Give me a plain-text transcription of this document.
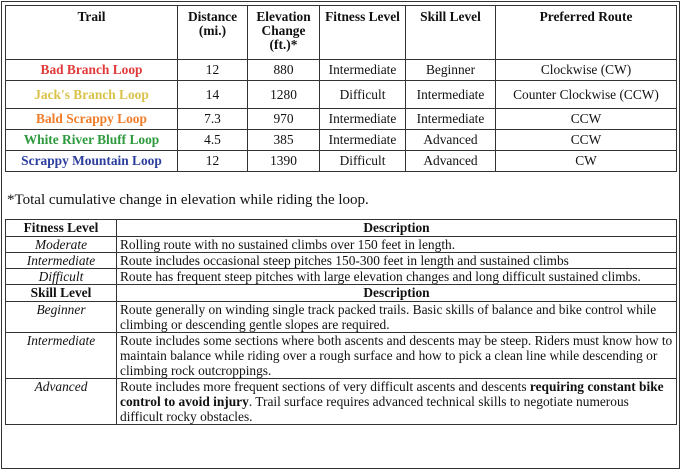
Trail	Distance (mi.)	Elevation Change (ft.)*	Fitness Level	Skill Level	Preferred Route
Bad Branch Loop	12	880	Intermediate	Beginner	Clockwise (CW)
Jack's Branch Loop	14	1280	Difficult	Intermediate	Counter Clockwise (CCW)
Bald Scrappy Loop	7.3	970	Intermediate	Intermediate	CCW
White River Bluff Loop	4.5	385	Intermediate	Advanced	CCW
Scrappy Mountain Loop	12	1390	Difficult	Advanced	CW
*Total cumulative change in elevation while riding the loop.
Fitness Level	Description
Moderate	Rolling route with no sustained climbs over 150 feet in length.
Intermediate	Route includes occasional steep pitches 150-300 feet in length and sustained climbs
Difficult	Route has frequent steep pitches with large elevation changes and long difficult sustained climbs.
Skill Level	Description
Beginner	Route generally on winding single track packed trails. Basic skills of balance and bike control while climbing or descending gentle slopes are required.
Intermediate	Route includes some sections where both ascents and descents may be steep. Riders must know how to maintain balance while riding over a rough surface and how to pick a clean line while descending or climbing rock outcroppings.
Advanced	Route includes more frequent sections of very difficult ascents and descents requiring constant bike control to avoid injury. Trail surface requires advanced technical skills to negotiate numerous difficult rocky obstacles.
